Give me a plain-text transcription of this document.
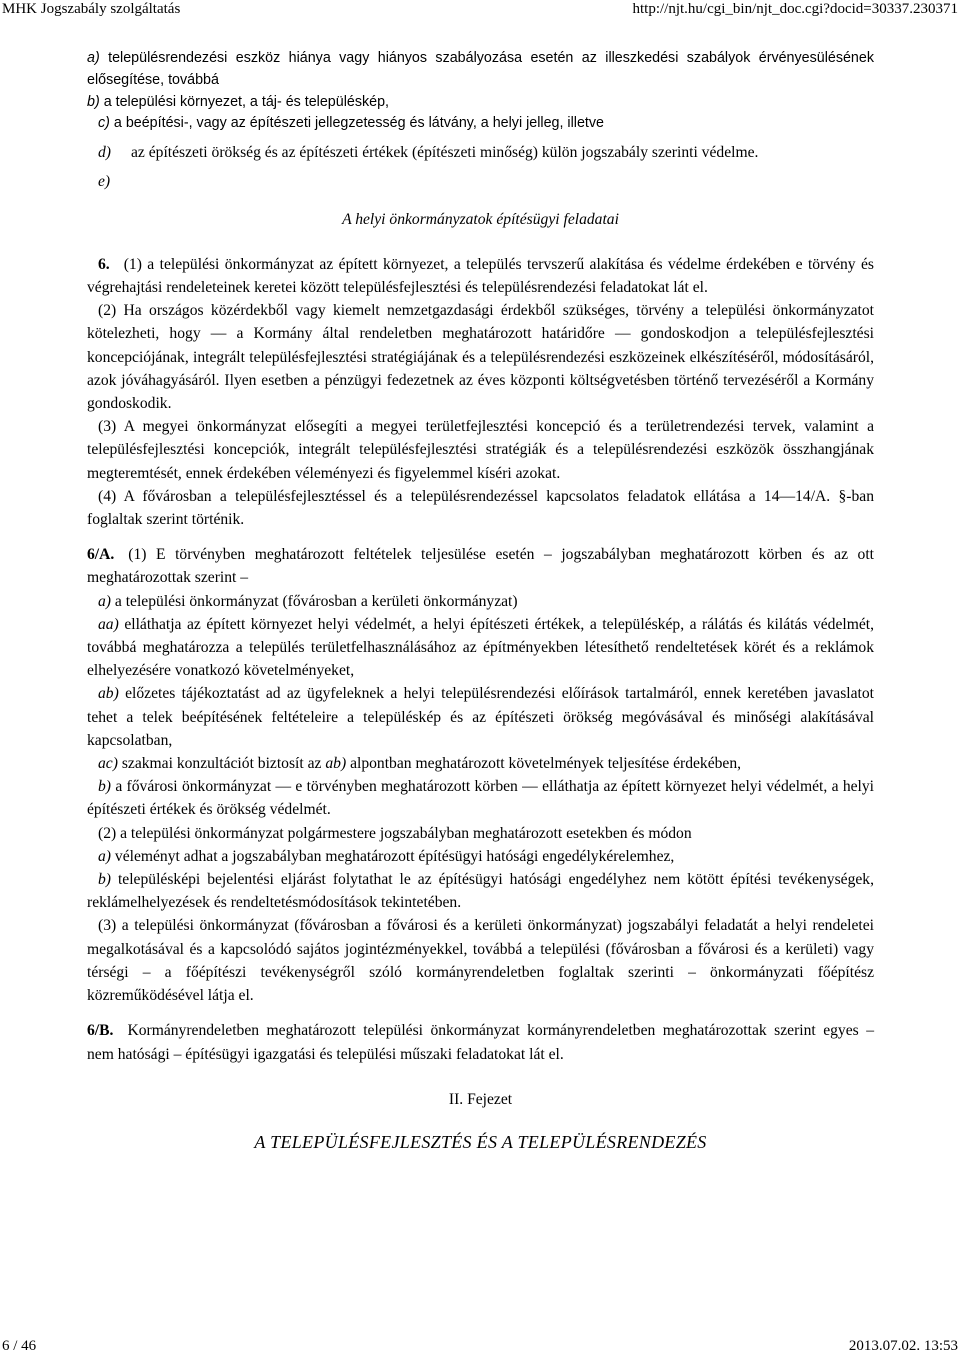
MHK Jogszabály szolgáltatás	http://njt.hu/cgi_bin/njt_doc.cgi?docid=30337.230371

a) településrendezési eszköz hiánya vagy hiányos szabályozása esetén az illeszkedési szabályok érvényesülésének elősegítése, továbbá

b) a települési környezet, a táj- és településkép,

c) a beépítési-, vagy az építészeti jellegzetesség és látvány, a helyi jelleg, illetve

d) az építészeti örökség és az építészeti értékek (építészeti minőség) külön jogszabály szerinti védelme.

e)

A helyi önkormányzatok építésügyi feladatai

6. (1) a települési önkormányzat az épített környezet, a település tervszerű alakítása és védelme érdekében e törvény és végrehajtási rendeleteinek keretei között településfejlesztési és településrendezési feladatokat lát el.

(2) Ha országos közérdekből vagy kiemelt nemzetgazdasági érdekből szükséges, törvény a települési önkormányzatot kötelezheti, hogy — a Kormány által rendeletben meghatározott határidőre — gondoskodjon a településfejlesztési koncepciójának, integrált településfejlesztési stratégiájának és a településrendezési eszközeinek elkészítéséről, módosításáról, azok jóváhagyásáról. Ilyen esetben a pénzügyi fedezetnek az éves központi költségvetésben történő tervezéséről a Kormány gondoskodik.

(3) A megyei önkormányzat elősegíti a megyei területfejlesztési koncepció és a területrendezési tervek, valamint a településfejlesztési koncepciók, integrált településfejlesztési stratégiák és a településrendezési eszközök összhangjának megteremtését, ennek érdekében véleményezi és figyelemmel kíséri azokat.

(4) A fővárosban a településfejlesztéssel és a településrendezéssel kapcsolatos feladatok ellátása a 14—14/A. §-ban foglaltak szerint történik.

6/A. (1) E törvényben meghatározott feltételek teljesülése esetén – jogszabályban meghatározott körben és az ott meghatározottak szerint –

a) a települési önkormányzat (fővárosban a kerületi önkormányzat)

aa) elláthatja az épített környezet helyi védelmét, a helyi építészeti értékek, a településkép, a rálátás és kilátás védelmét, továbbá meghatározza a település területfelhasználásához az építményekben létesíthető rendeltetések körét és a reklámok elhelyezésére vonatkozó követelményeket,

ab) előzetes tájékoztatást ad az ügyfeleknek a helyi településrendezési előírások tartalmáról, ennek keretében javaslatot tehet a telek beépítésének feltételeire a településkép és az építészeti örökség megóvásával és minőségi alakításával kapcsolatban,

ac) szakmai konzultációt biztosít az ab) alpontban meghatározott követelmények teljesítése érdekében,

b) a fővárosi önkormányzat — e törvényben meghatározott körben — elláthatja az épített környezet helyi védelmét, a helyi építészeti értékek és örökség védelmét.

(2) a települési önkormányzat polgármestere jogszabályban meghatározott esetekben és módon

a) véleményt adhat a jogszabályban meghatározott építésügyi hatósági engedélykérelemhez,

b) településképi bejelentési eljárást folytathat le az építésügyi hatósági engedélyhez nem kötött építési tevékenységek, reklámelhelyezések és rendeltetésmódosítások tekintetében.

(3) a települési önkormányzat (fővárosban a fővárosi és a kerületi önkormányzat) jogszabályi feladatát a helyi rendeletei megalkotásával és a kapcsolódó sajátos jogintézményekkel, továbbá a települési (fővárosban a fővárosi és a kerületi) vagy térségi – a főépítészi tevékenységről szóló kormányrendeletben foglaltak szerinti – önkormányzati főépítész közreműködésével látja el.

6/B. Kormányrendeletben meghatározott települési önkormányzat kormányrendeletben meghatározottak szerint egyes – nem hatósági – építésügyi igazgatási és települési műszaki feladatokat lát el.

II. Fejezet

A TELEPÜLÉSFEJLESZTÉS ÉS A TELEPÜLÉSRENDEZÉS

6 / 46	2013.07.02. 13:53
